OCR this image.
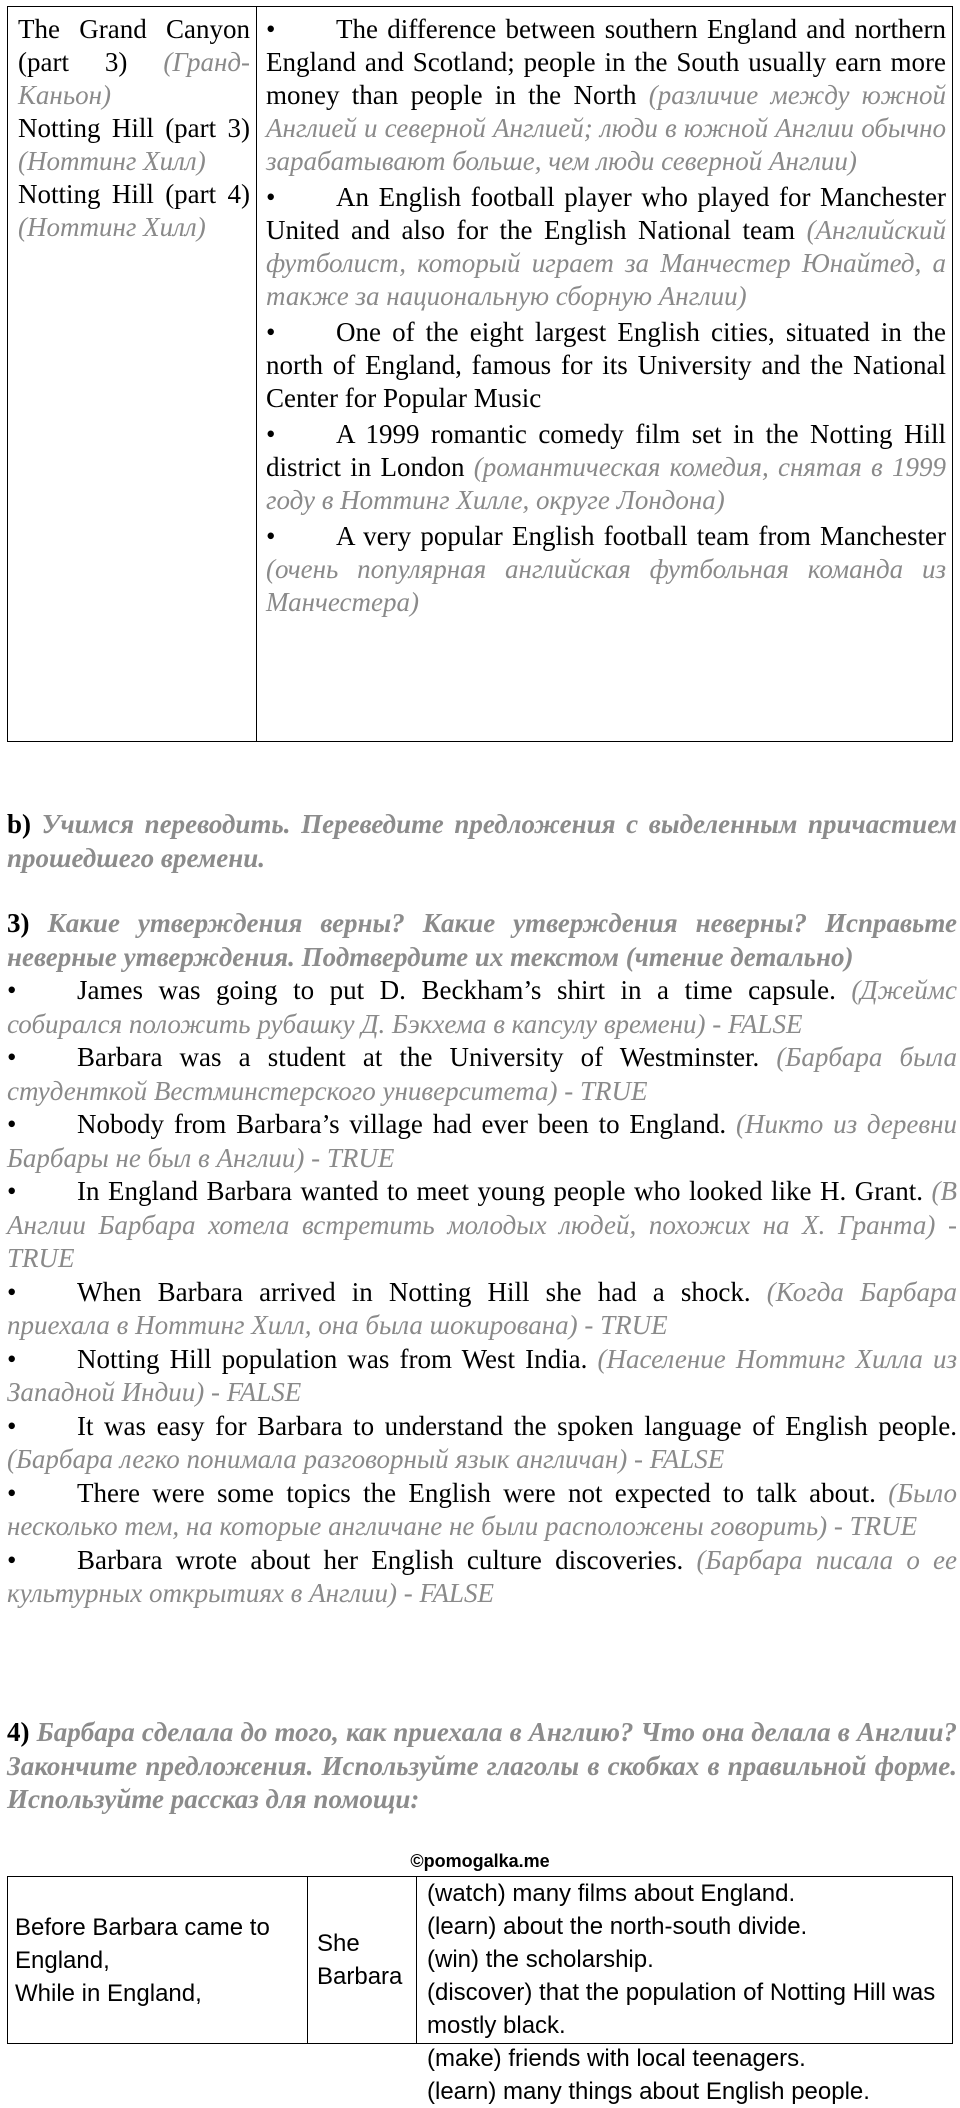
The Grand Canyon (part 3) (Гранд-Каньон)

Notting Hill (part 3) (Ноттинг Хилл)

Notting Hill (part 4) (Ноттинг Хилл)

• The difference between southern England and northern England and Scotland; people in the South usually earn more money than people in the North (различие между южной Англией и северной Англией; люди в южной Англии обычно зарабатывают больше, чем люди северной Англии)

• An English football player who played for Manchester United and also for the English National team (Английский футболист, который играет за Манчестер Юнайтед, а также за национальную сборную Англии)

• One of the eight largest English cities, situated in the north of England, famous for its University and the National Center for Popular Music

• A 1999 romantic comedy film set in the Notting Hill district in London (романтическая комедия, снятая в 1999 году в Ноттинг Хилле, округе Лондона)

• A very popular English football team from Manchester (очень популярная английская футбольная команда из Манчестера)

b) Учимся переводить. Переведите предложения с выделенным причастием прошедшего времени.

3) Какие утверждения верны? Какие утверждения неверны? Исправьте неверные утверждения. Подтвердите их текстом (чтение детально)

• James was going to put D. Beckham’s shirt in a time capsule. (Джеймс собирался положить рубашку Д. Бэкхема в капсулу времени) - FALSE

• Barbara was a student at the University of Westminster. (Барбара была студенткой Вестминстерского университета) - TRUE

• Nobody from Barbara’s village had ever been to England. (Никто из деревни Барбары не был в Англии) - TRUE

• In England Barbara wanted to meet young people who looked like H. Grant. (В Англии Барбара хотела встретить молодых людей, похожих на Х. Гранта) - TRUE

• When Barbara arrived in Notting Hill she had a shock. (Когда Барбара приехала в Ноттинг Хилл, она была шокирована) - TRUE

• Notting Hill population was from West India. (Население Ноттинг Хилла из Западной Индии) - FALSE

• It was easy for Barbara to understand the spoken language of English people. (Барбара легко понимала разговорный язык англичан) - FALSE

• There were some topics the English were not expected to talk about. (Было несколько тем, на которые англичане не были расположены говорить) - TRUE

• Barbara wrote about her English culture discoveries. (Барбара писала о ее культурных открытиях в Англии) - FALSE

4) Барбара сделала до того, как приехала в Англию? Что она делала в Англии? Закончите предложения. Используйте глаголы в скобках в правильной форме. Используйте рассказ для помощи:

©pomogalka.me
Before Barbara came to England,
While in England,
She
Barbara
(watch) many films about England.
(learn) about the north-south divide.
(win) the scholarship.
(discover) that the population of Notting Hill was mostly black.
(make) friends with local teenagers.
(learn) many things about English people.
